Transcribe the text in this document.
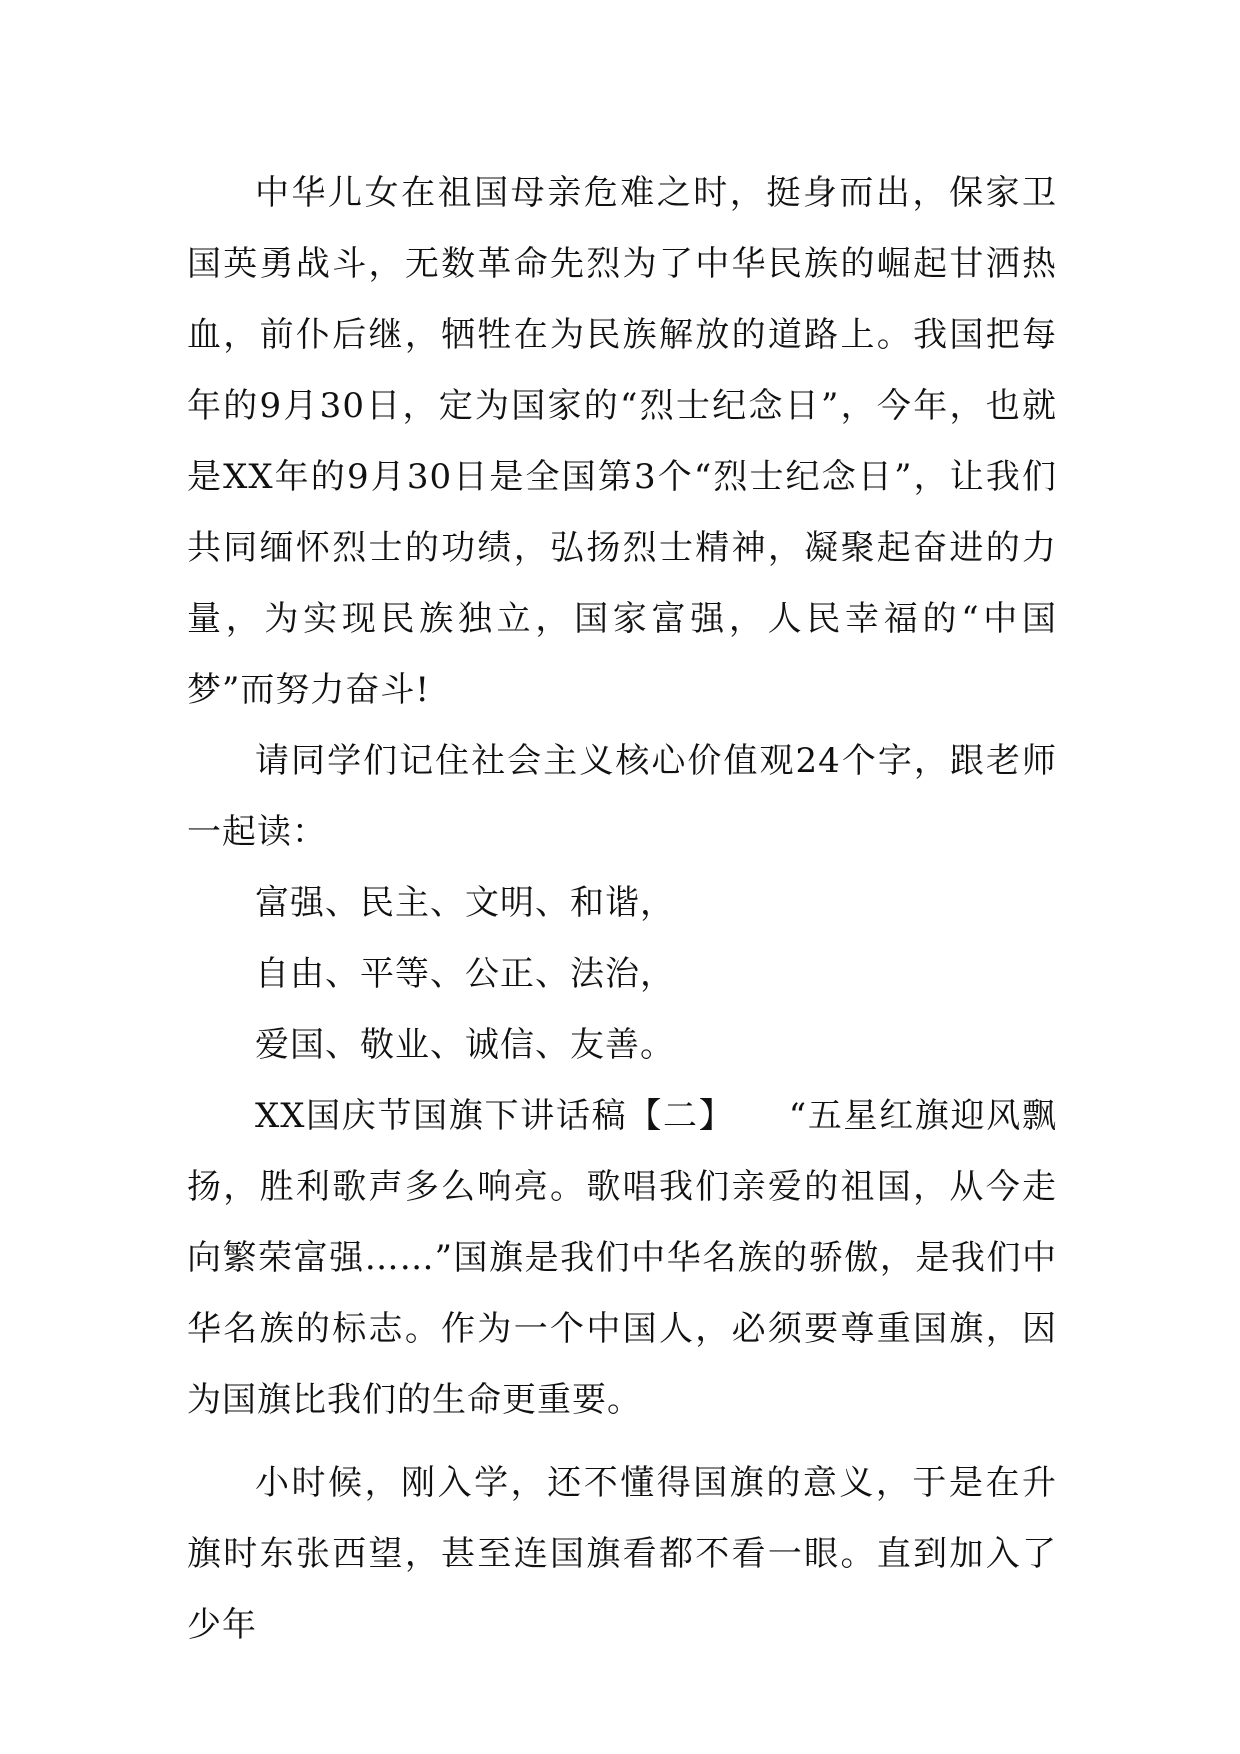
中华儿女在祖国母亲危难之时，挺身而出，保家卫国英勇战斗，无数革命先烈为了中华民族的崛起甘洒热血，前仆后继，牺牲在为民族解放的道路上。我国把每年的9月30日，定为国家的“烈士纪念日”，今年，也就是XX年的9月30日是全国第3个“烈士纪念日”，让我们共同缅怀烈士的功绩，弘扬烈士精神，凝聚起奋进的力量，为实现民族独立，国家富强，人民幸福的“中国梦”而努力奋斗!

请同学们记住社会主义核心价值观24个字，跟老师一起读：

富强、民主、文明、和谐，

自由、平等、公正、法治，

爱国、敬业、诚信、友善。

XX国庆节国旗下讲话稿【二】　　“五星红旗迎风飘扬，胜利歌声多么响亮。歌唱我们亲爱的祖国，从今走向繁荣富强……”国旗是我们中华名族的骄傲，是我们中华名族的标志。作为一个中国人，必须要尊重国旗，因为国旗比我们的生命更重要。

小时候，刚入学，还不懂得国旗的意义，于是在升旗时东张西望，甚至连国旗看都不看一眼。直到加入了少年
